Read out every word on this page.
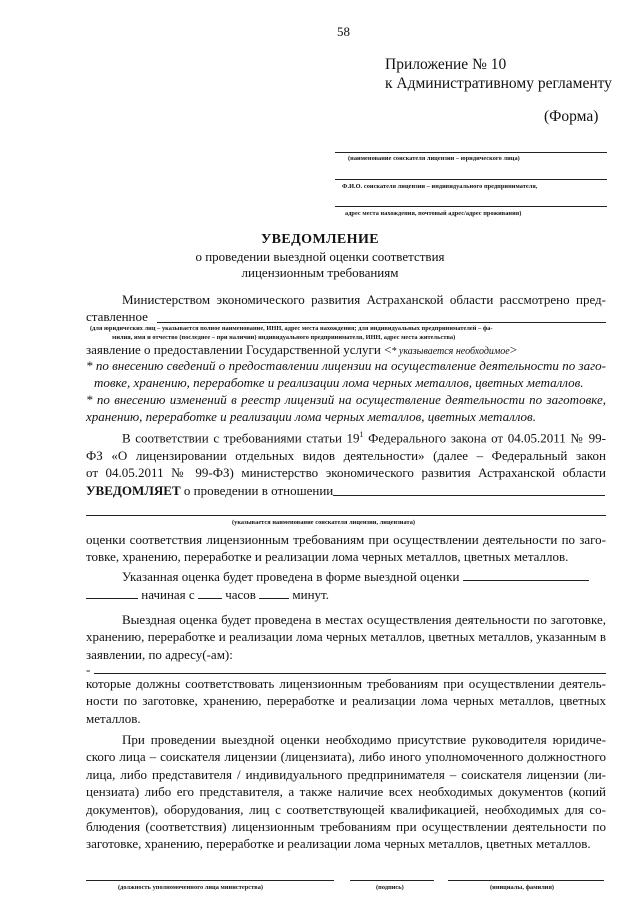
58
Приложение № 10
к Административному регламенту
(Форма)
(наименование соискателя лицензии – юридического лица)
Ф.И.О. соискателя лицензии – индивидуального предпринимателя,
адрес места нахождения, почтовый адрес/адрес проживания)
УВЕДОМЛЕНИЕ
о проведении выездной оценки соответствия
лицензионным требованиям
Министерством экономического развития Астраханской области рассмотрено пред-
ставленное
(для юридических лиц – указывается полное наименование, ИНН, адрес места нахождения; для индивидуальных предпринимателей – фа-
милия, имя и отчество (последнее – при наличии) индивидуального предпринимателя, ИНН, адрес места жительства)
заявление о предоставлении Государственной услуги <* указывается необходимое>
* по внесению сведений о предоставлении лицензии на осуществление деятельности по заго-
товке, хранению, переработке и реализации лома черных металлов, цветных металлов.
* по внесению изменений в реестр лицензий на осуществление деятельности по заготовке,
хранению, переработке и реализации лома черных металлов, цветных металлов.
В соответствии с требованиями статьи $19^1$ Федерального закона от 04.05.2011 № 99-
ФЗ «О лицензировании отдельных видов деятельности» (далее – Федеральный закон
от 04.05.2011 № 99-ФЗ) министерство экономического развития Астраханской области
УВЕДОМЛЯЕТ о проведении в отношении
(указывается наименование соискателя лицензии, лицензиата)
оценки соответствия лицензионным требованиям при осуществлении деятельности по заго-
товке, хранению, переработке и реализации лома черных металлов, цветных металлов.
Указанная оценка будет проведена в форме выездной оценки
начиная с часов	минут.
Выездная оценка будет проведена в местах осуществления деятельности по заготовке,
хранению, переработке и реализации лома черных металлов, цветных металлов, указанным в
заявлении, по адресу(-ам):
-
которые должны соответствовать лицензионным требованиям при осуществлении деятель-
ности по заготовке, хранению, переработке и реализации лома черных металлов, цветных
металлов.
При проведении выездной оценки необходимо присутствие руководителя юридиче-
ского лица – соискателя лицензии (лицензиата), либо иного уполномоченного должностного
лица, либо представителя / индивидуального предпринимателя – соискателя лицензии (ли-
цензиата) либо его представителя, а также наличие всех необходимых документов (копий
документов), оборудования, лиц с соответствующей квалификацией, необходимых для со-
блюдения (соответствия) лицензионным требованиям при осуществлении деятельности по
заготовке, хранению, переработке и реализации лома черных металлов, цветных металлов.
(должность уполномоченного лица министерства)	(подпись)	(инициалы, фамилия)
